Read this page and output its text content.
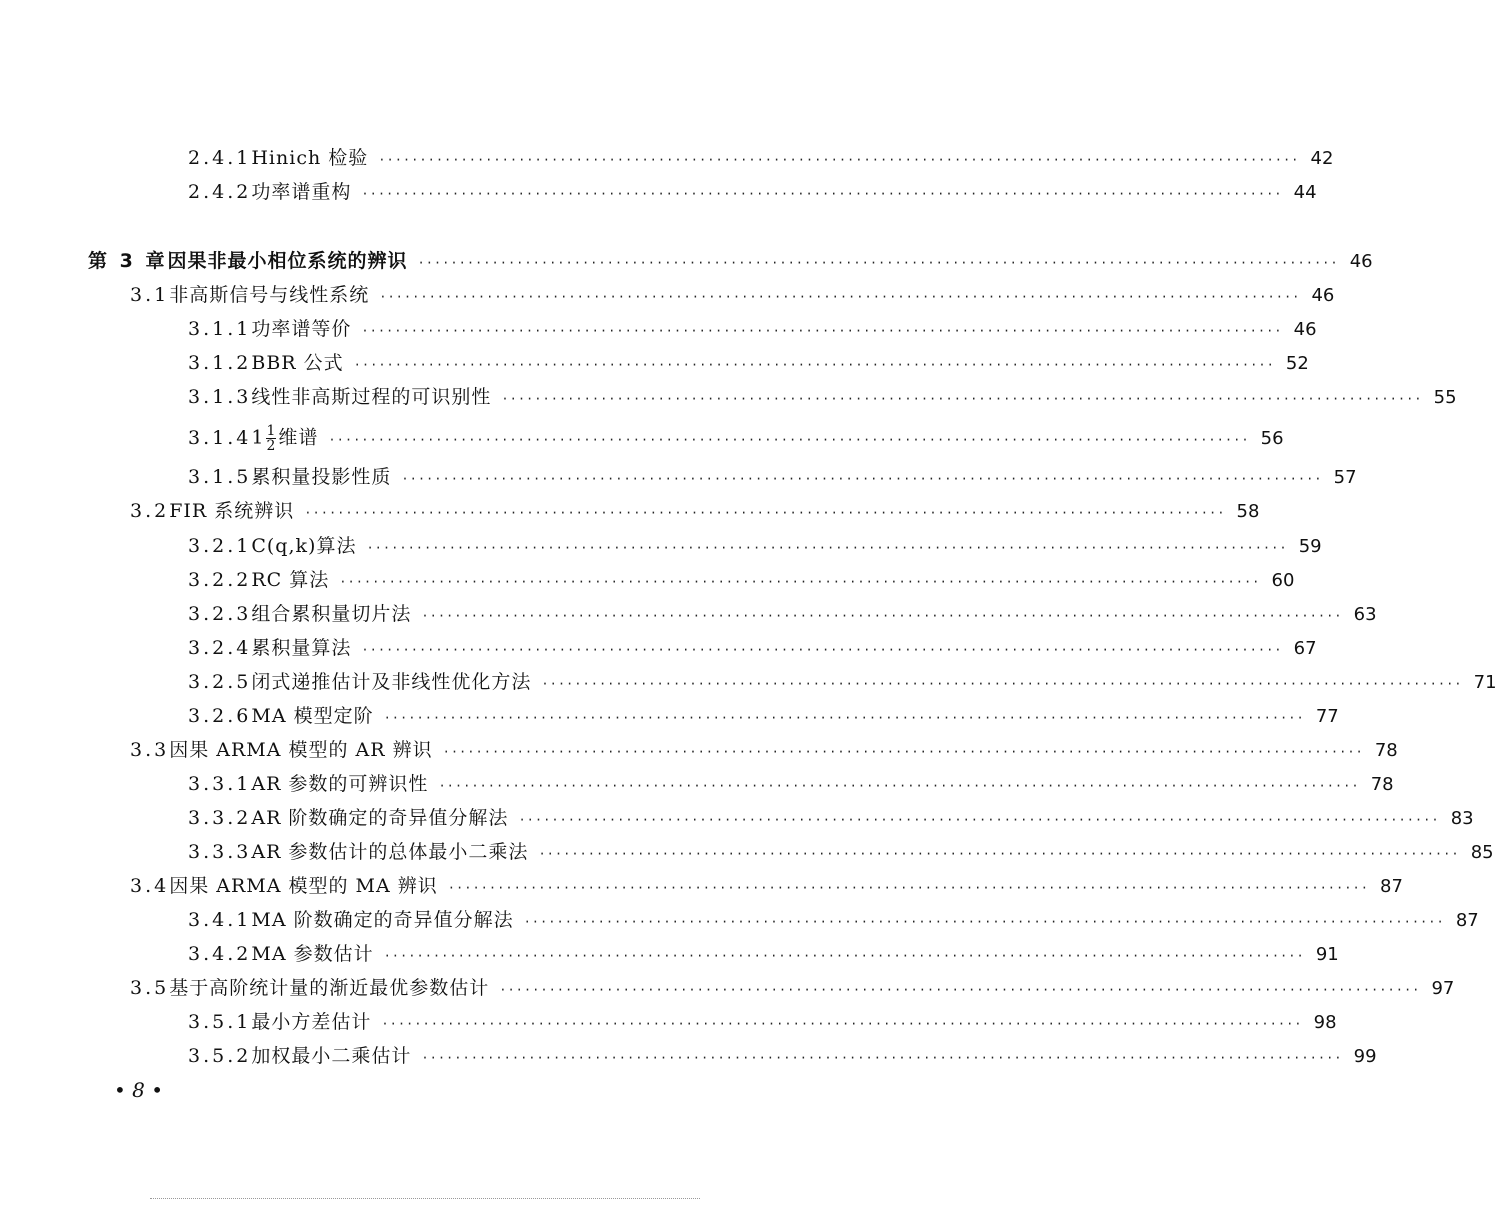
2.4.1 Hinich 检验 ·····	42
2.4.2 功率谱重构 ·····	44
第 3 章 因果非最小相位系统的辨识 ·····	46
3.1 非高斯信号与线性系统 ·····	46
3.1.1 功率谱等价 ·····	46
3.1.2 BBR 公式 ·····	52
3.1.3 线性非高斯过程的可识别性 ·····	55
3.1.4 $1 \frac{1}{2}$ 维谱 ·····	56
3.1.5 累积量投影性质 ·····	57
3.2 FIR 系统辨识 ·····	58
3.2.1 C(q,k)算法 ·····	59
3.2.2 RC 算法 ·····	60
3.2.3 组合累积量切片法 ·····	63
3.2.4 累积量算法 ·····	67
3.2.5 闭式递推估计及非线性优化方法 ·····	71
3.2.6 MA 模型定阶 ·····	77
3.3 因果 ARMA 模型的 AR 辨识 ·····	78
3.3.1 AR 参数的可辨识性 ·····	78
3.3.2 AR 阶数确定的奇异值分解法 ·····	83
3.3.3 AR 参数估计的总体最小二乘法 ·····	85
3.4 因果 ARMA 模型的 MA 辨识 ·····	87
3.4.1 MA 阶数确定的奇异值分解法 ·····	87
3.4.2 MA 参数估计 ·····	91
3.5 基于高阶统计量的渐近最优参数估计 ·····	97
3.5.1 最小方差估计 ·····	98
3.5.2 加权最小二乘估计 ·····	99
• 8 •
